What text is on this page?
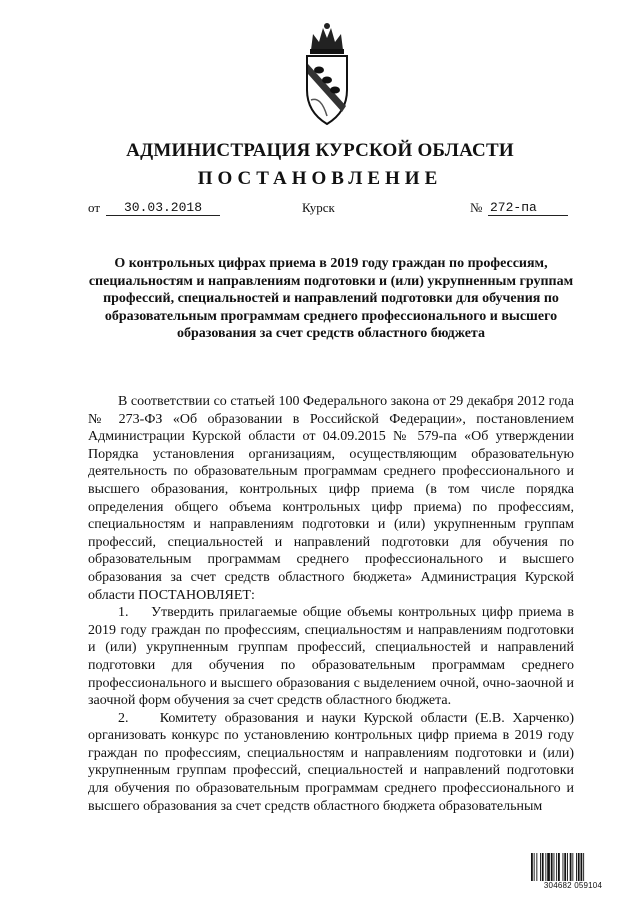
АДМИНИСТРАЦИЯ КУРСКОЙ ОБЛАСТИ
ПОСТАНОВЛЕНИЕ
от	30.03.2018	Курск	№ 272-па
О контрольных цифрах приема в 2019 году граждан по профессиям, специальностям и направлениям подготовки и (или) укрупненным группам профессий, специальностей и направлений подготовки для обучения по образовательным программам среднего профессионального и высшего образования за счет средств областного бюджета

В соответствии со статьей 100 Федерального закона от 29 декабря 2012 года № 273-ФЗ «Об образовании в Российской Федерации», постановлением Администрации Курской области от 04.09.2015 № 579-па «Об утверждении Порядка установления организациям, осуществляющим образовательную деятельность по образовательным программам среднего профессионального и высшего образования, контрольных цифр приема (в том числе порядка определения общего объема контрольных цифр приема) по профессиям, специальностям и направлениям подготовки и (или) укрупненным группам профессий, специальностей и направлений подготовки для обучения по образовательным программам среднего профессионального и высшего образования за счет средств областного бюджета» Администрация Курской области ПОСТАНОВЛЯЕТ:

1.    Утвердить прилагаемые общие объемы контрольных цифр приема в 2019 году граждан по профессиям, специальностям и направлениям подготовки и (или) укрупненным группам профессий, специальностей и направлений подготовки для обучения по образовательным программам среднего профессионального и высшего образования с выделением очной, очно-заочной и заочной форм обучения за счет средств областного бюджета.

2.    Комитету образования и науки Курской области (Е.В. Харченко) организовать конкурс по установлению контрольных цифр приема в 2019 году граждан по профессиям, специальностям и направлениям подготовки и (или) укрупненным группам профессий, специальностей и направлений подготовки для обучения по образовательным программам среднего профессионального и высшего образования за счет средств областного бюджета образовательным

304682 059104
